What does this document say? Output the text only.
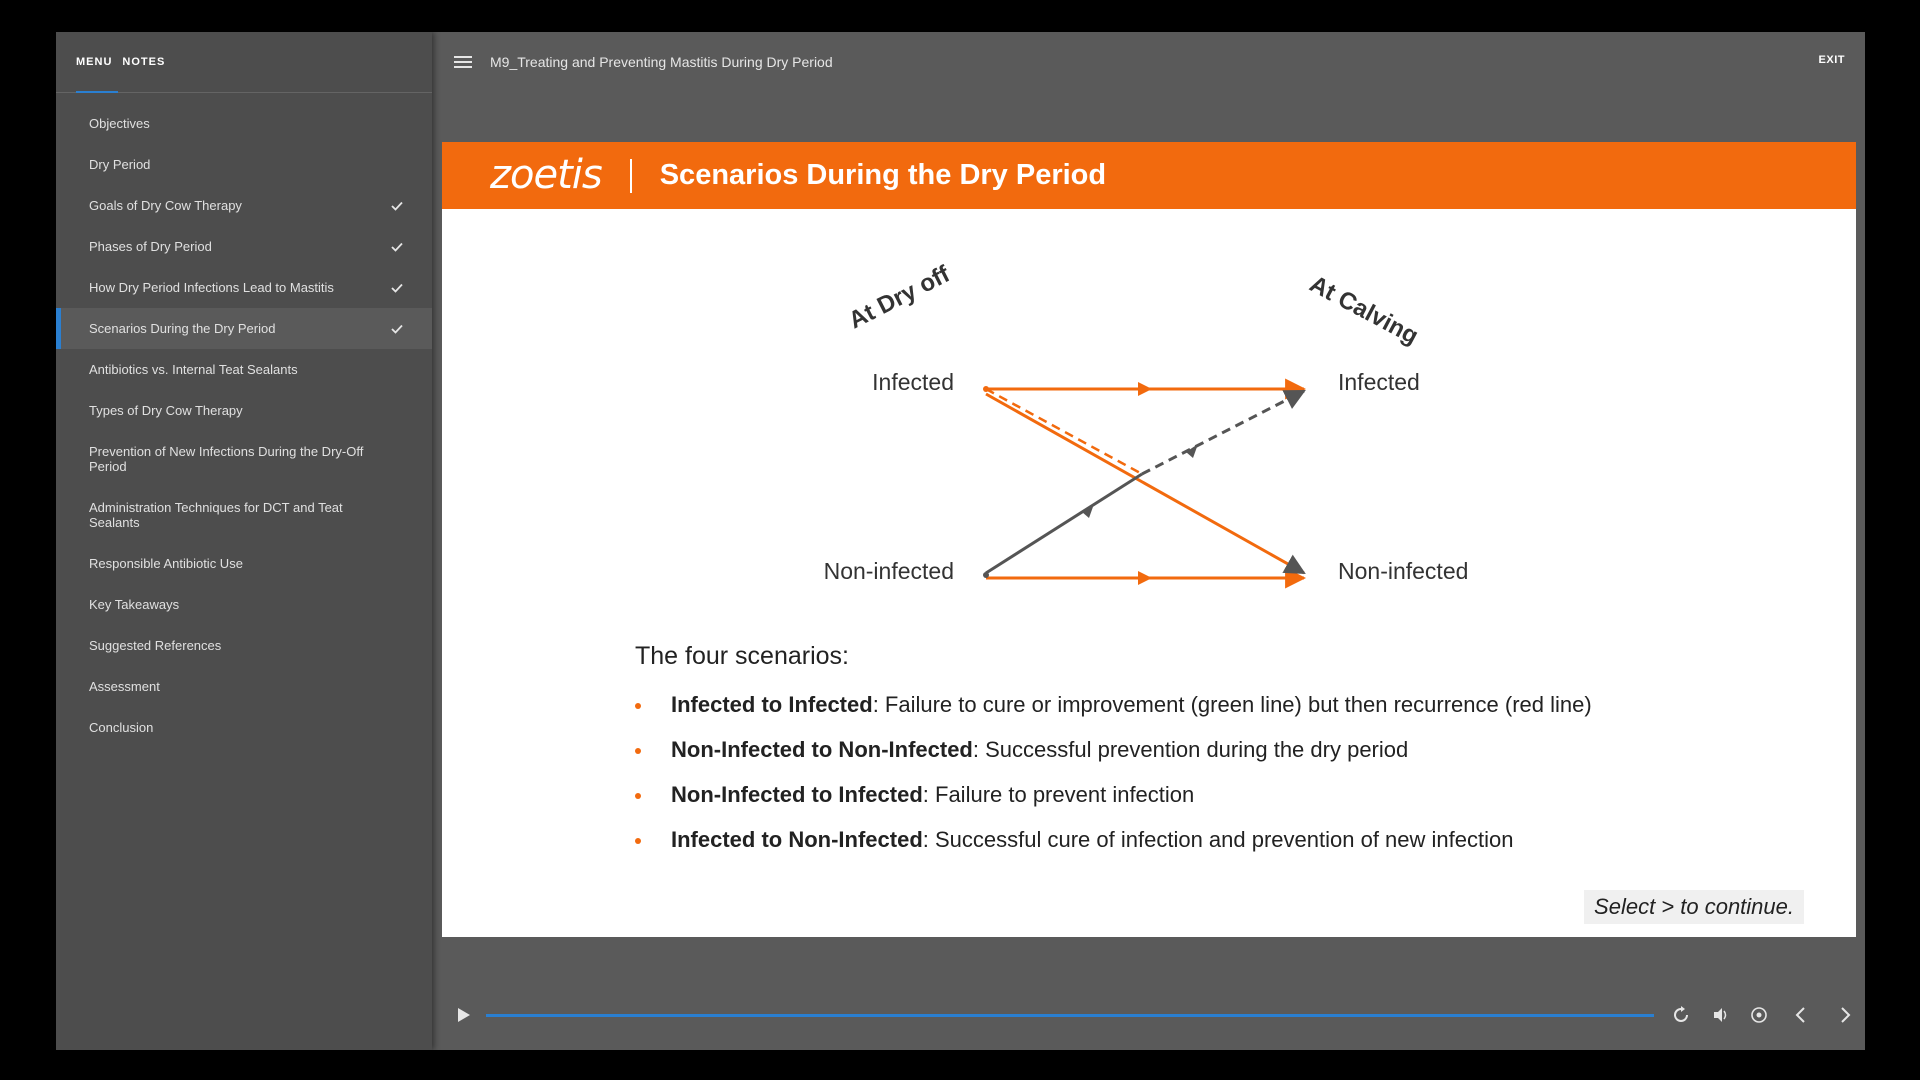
MENU NOTES
Objectives
Dry Period
Goals of Dry Cow Therapy
Phases of Dry Period
How Dry Period Infections Lead to Mastitis
Scenarios During the Dry Period
Antibiotics vs. Internal Teat Sealants
Types of Dry Cow Therapy
Prevention of New Infections During the Dry-Off Period
Administration Techniques for DCT and Teat Sealants
Responsible Antibiotic Use
Key Takeaways
Suggested References
Assessment
Conclusion
M9_Treating and Preventing Mastitis During Dry Period	EXIT
zoetis Scenarios During the Dry Period
At Dry off	At Calving
Infected
Non-infected
Infected
Non-infected
The four scenarios:
Infected to Infected: Failure to cure or improvement (green line) but then recurrence (red line)
Non-Infected to Non-Infected: Successful prevention during the dry period
Non-Infected to Infected: Failure to prevent infection
Infected to Non-Infected: Successful cure of infection and prevention of new infection
Select > to continue.
